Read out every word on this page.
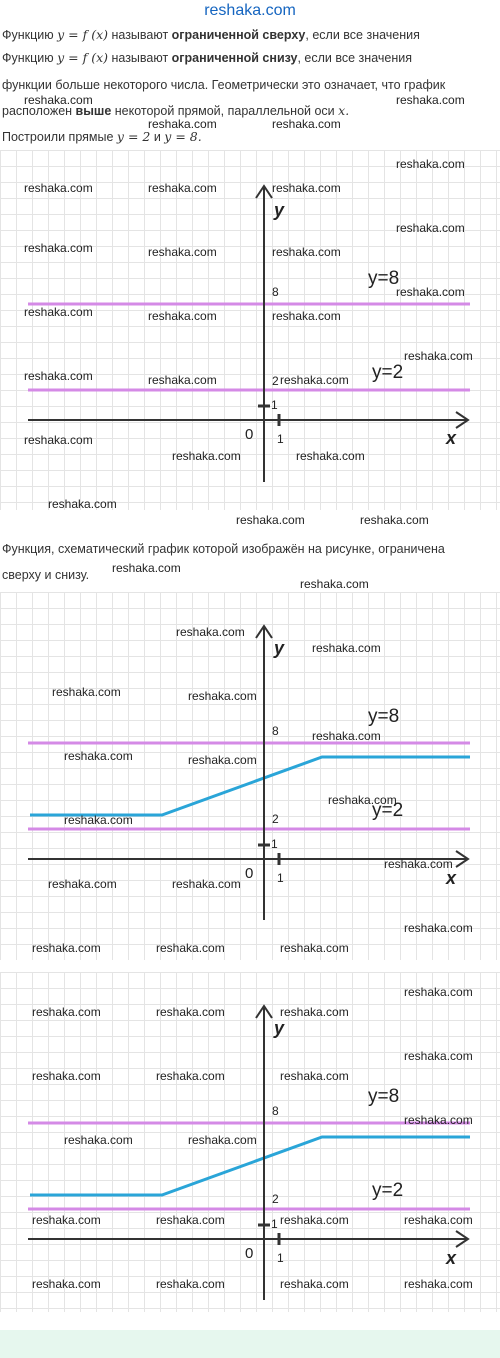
reshaka.com
Функцию y = f (x) называют ограниченной сверху, если все значения
Функцию y = f (x) называют ограниченной снизу, если все значения
функции больше некоторого числа. Геометрически это означает, что график
расположен выше некоторой прямой, параллельной оси x.
Построили прямые y = 2 и y = 8.
y
x
0 1
1
8
2
y=8
y=2
Функция, схематический график которой изображён на рисунке, ограничена
сверху и снизу.
y
x
0 1
1
8
2
y=8
y=2
y
x
0 1
1
8
2
y=8
y=2
reshaka.com
reshaka.com	reshaka.com
reshaka.com
reshaka.com
reshaka.com	reshaka.com	reshaka.com
reshaka.com
reshaka.com	reshaka.com	reshaka.com
reshaka.com
reshaka.com	reshaka.com	reshaka.com
reshaka.com
reshaka.com	reshaka.com	reshaka.com
reshaka.com
reshaka.com	reshaka.com
reshaka.com
reshaka.com	reshaka.com
reshaka.com
reshaka.com
reshaka.com
reshaka.com
reshaka.com	reshaka.com
reshaka.com
reshaka.com	reshaka.com
reshaka.com
reshaka.com
reshaka.com
reshaka.com	reshaka.com
reshaka.com
reshaka.com	reshaka.com	reshaka.com
reshaka.com
reshaka.com	reshaka.com	reshaka.com
reshaka.com
reshaka.com	reshaka.com	reshaka.com
reshaka.com
reshaka.com	reshaka.com
reshaka.com	reshaka.com	reshaka.com	reshaka.com
reshaka.com	reshaka.com	reshaka.com	reshaka.com
